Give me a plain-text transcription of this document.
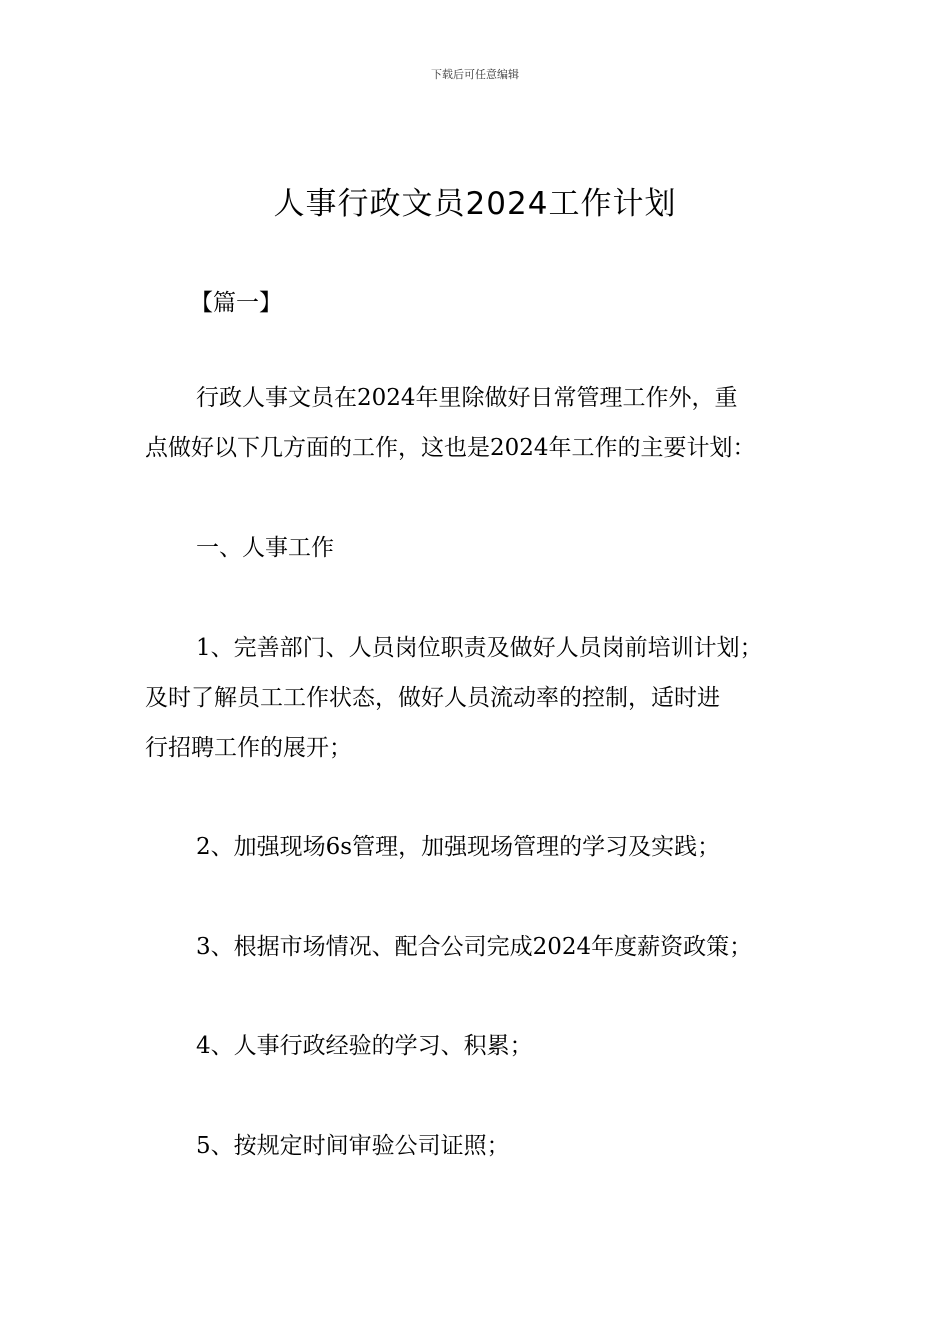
下载后可任意编辑
人事行政文员2024工作计划
【篇一】
行政人事文员在2024年里除做好日常管理工作外，重
点做好以下几方面的工作，这也是2024年工作的主要计划：
一、人事工作
1、完善部门、人员岗位职责及做好人员岗前培训计划；
及时了解员工工作状态，做好人员流动率的控制，适时进
行招聘工作的展开；
2、加强现场6s管理，加强现场管理的学习及实践；
3、根据市场情况、配合公司完成2024年度薪资政策；
4、人事行政经验的学习、积累；
5、按规定时间审验公司证照；
